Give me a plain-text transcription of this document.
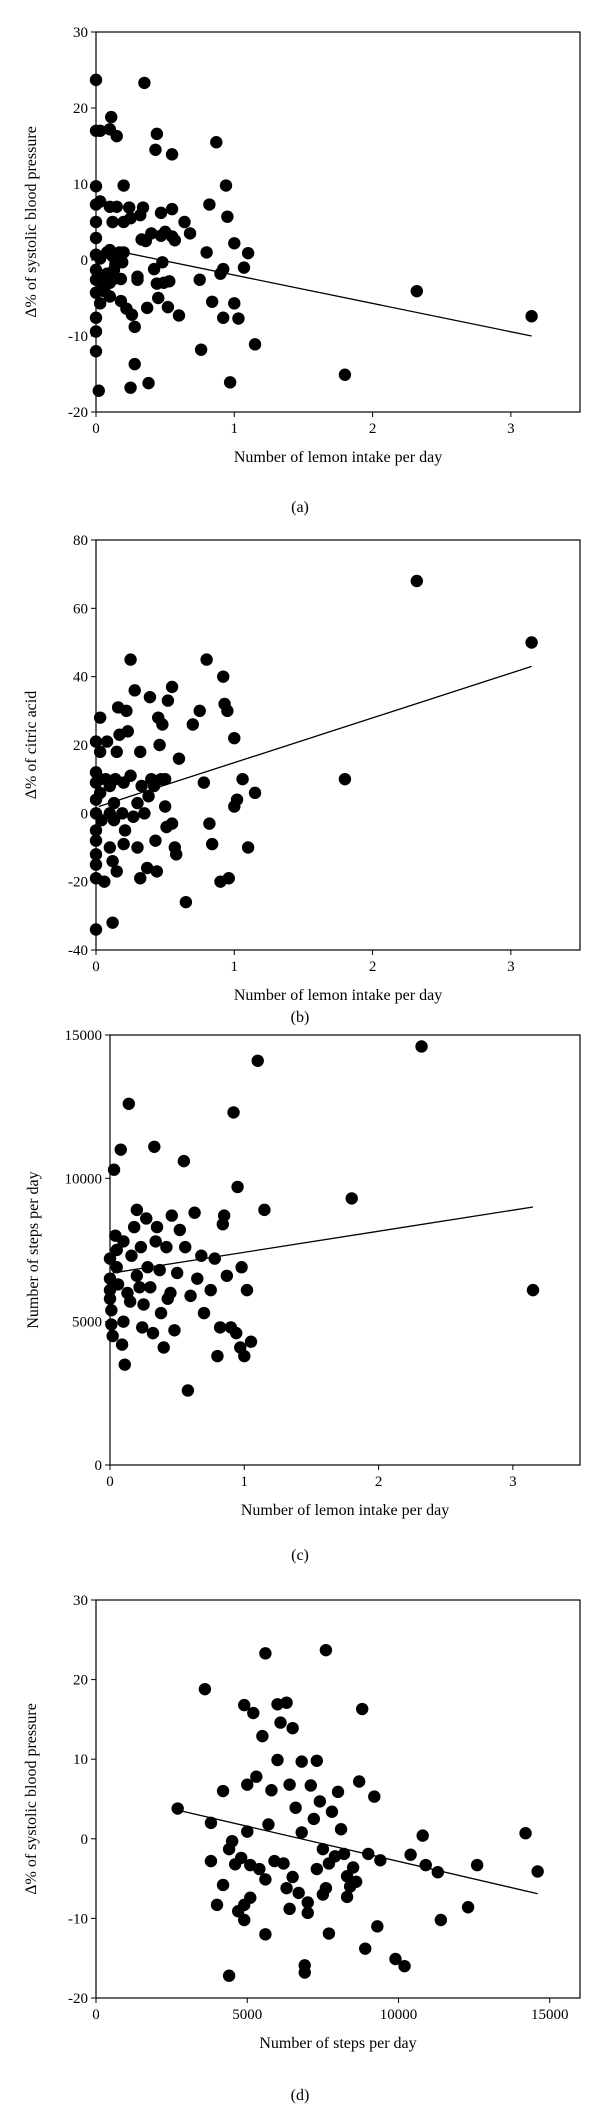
0	1	2	3
-20
-10
0
10
20
30
Number of lemon intake per day
Δ% of systolic blood pressure
(a)
0	1	2	3
-40
-20
0
20
40
60
80
Number of lemon intake per day
Δ% of citric acid
(b)
0	1	2	3
0
5000
10000
15000
Number of lemon intake per day
Number of steps per day
(c)
0	5000	10000	15000
-20
-10
0
10
20
30
Number of steps per day
Δ% of systolic blood pressure
(d)
